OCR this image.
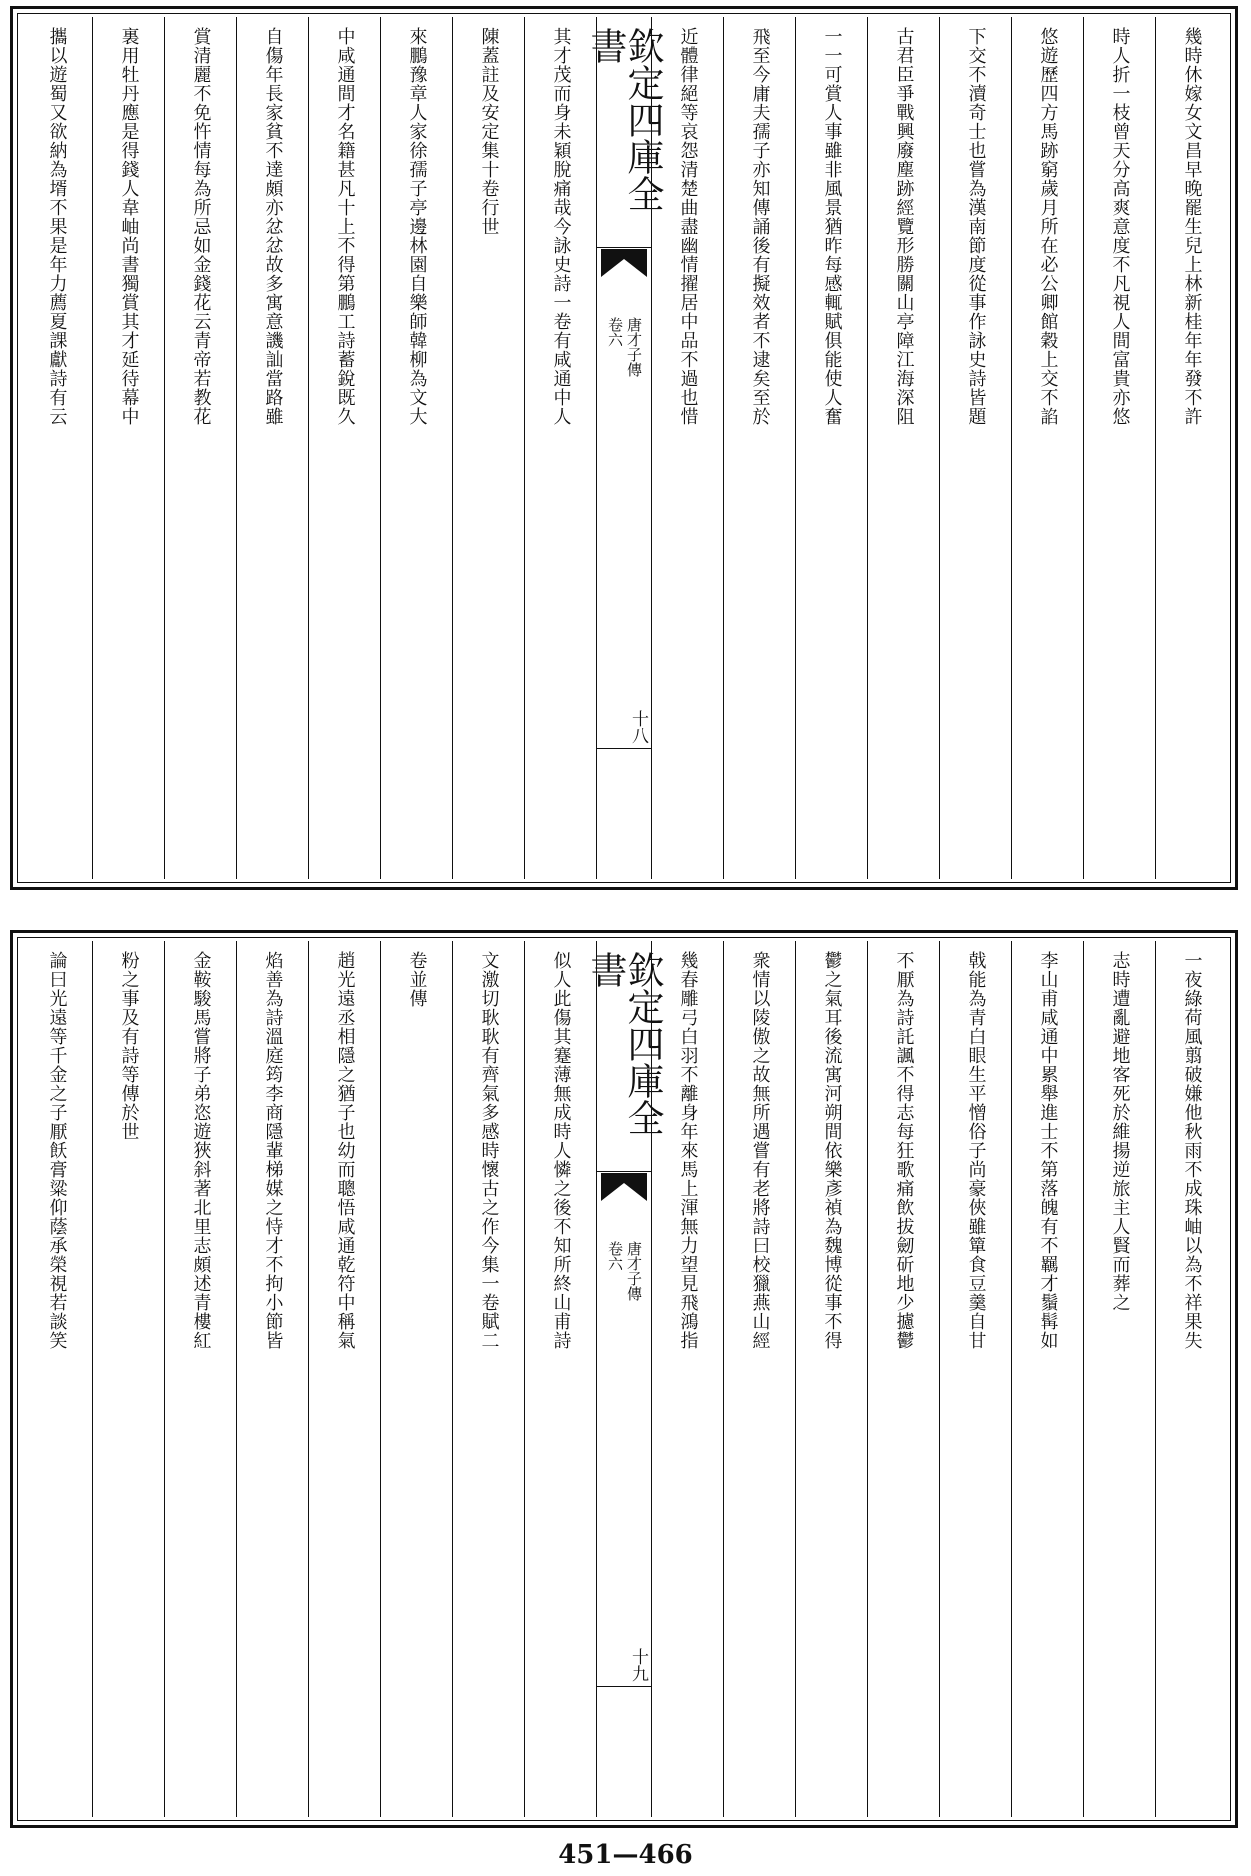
幾時休嫁女文昌早晚罷生兒上林新桂年年發不許
時人折一枝曾天分高爽意度不凡視人間富貴亦悠
悠遊歷四方馬跡窮歲月所在必公卿館穀上交不諂
下交不瀆奇士也嘗為漢南節度從事作詠史詩皆題
古君臣爭戰興廢塵跡經覽形勝關山亭障江海深阻
一一可賞人事雖非風景猶昨每感輒賦俱能使人奮
飛至今庸夫孺子亦知傳誦後有擬效者不逮矣至於
近體律絕等哀怨清楚曲盡幽情擢居中品不過也惜
欽定四庫全書
唐才子傳
卷六
十八
其才茂而身未穎脫痛哉今詠史詩一卷有咸通中人
陳蓋註及安定集十卷行世
來鵬豫章人家徐孺子亭邊林園自樂師韓柳為文大
中咸通間才名籍甚凡十上不得第鵬工詩蓄銳既久
自傷年長家貧不達頗亦忿忿故多寓意譏訕當路雖
賞清麗不免忤情每為所忌如金錢花云青帝若教花
裏用牡丹應是得錢人韋岫尚書獨賞其才延待幕中
攜以遊蜀又欲納為壻不果是年力薦夏課獻詩有云
一夜綠荷風翦破嫌他秋雨不成珠岫以為不祥果失
志時遭亂避地客死於維揚逆旅主人賢而葬之
李山甫咸通中累舉進士不第落魄有不羈才鬚髯如
戟能為青白眼生平憎俗子尚豪俠雖簞食豆羹自甘
不厭為詩託諷不得志每狂歌痛飲拔劒斫地少攄鬱
鬱之氣耳後流寓河朔間依樂彥禎為魏博從事不得
衆情以陵傲之故無所遇嘗有老將詩曰校獵燕山經
幾春雕弓白羽不離身年來馬上渾無力望見飛鴻指
欽定四庫全書
唐才子傳
卷六
十九
似人此傷其蹇薄無成時人憐之後不知所終山甫詩
文激切耿耿有齊氣多感時懷古之作今集一卷賦二
卷並傳
趙光遠丞相隱之猶子也幼而聰悟咸通乾符中稱氣
焰善為詩溫庭筠李商隱輩梯媒之恃才不拘小節皆
金鞍駿馬嘗將子弟恣遊狹斜著北里志頗述青樓紅
粉之事及有詩等傳於世
論曰光遠等千金之子厭飫膏粱仰蔭承榮視若談笑
451—466
